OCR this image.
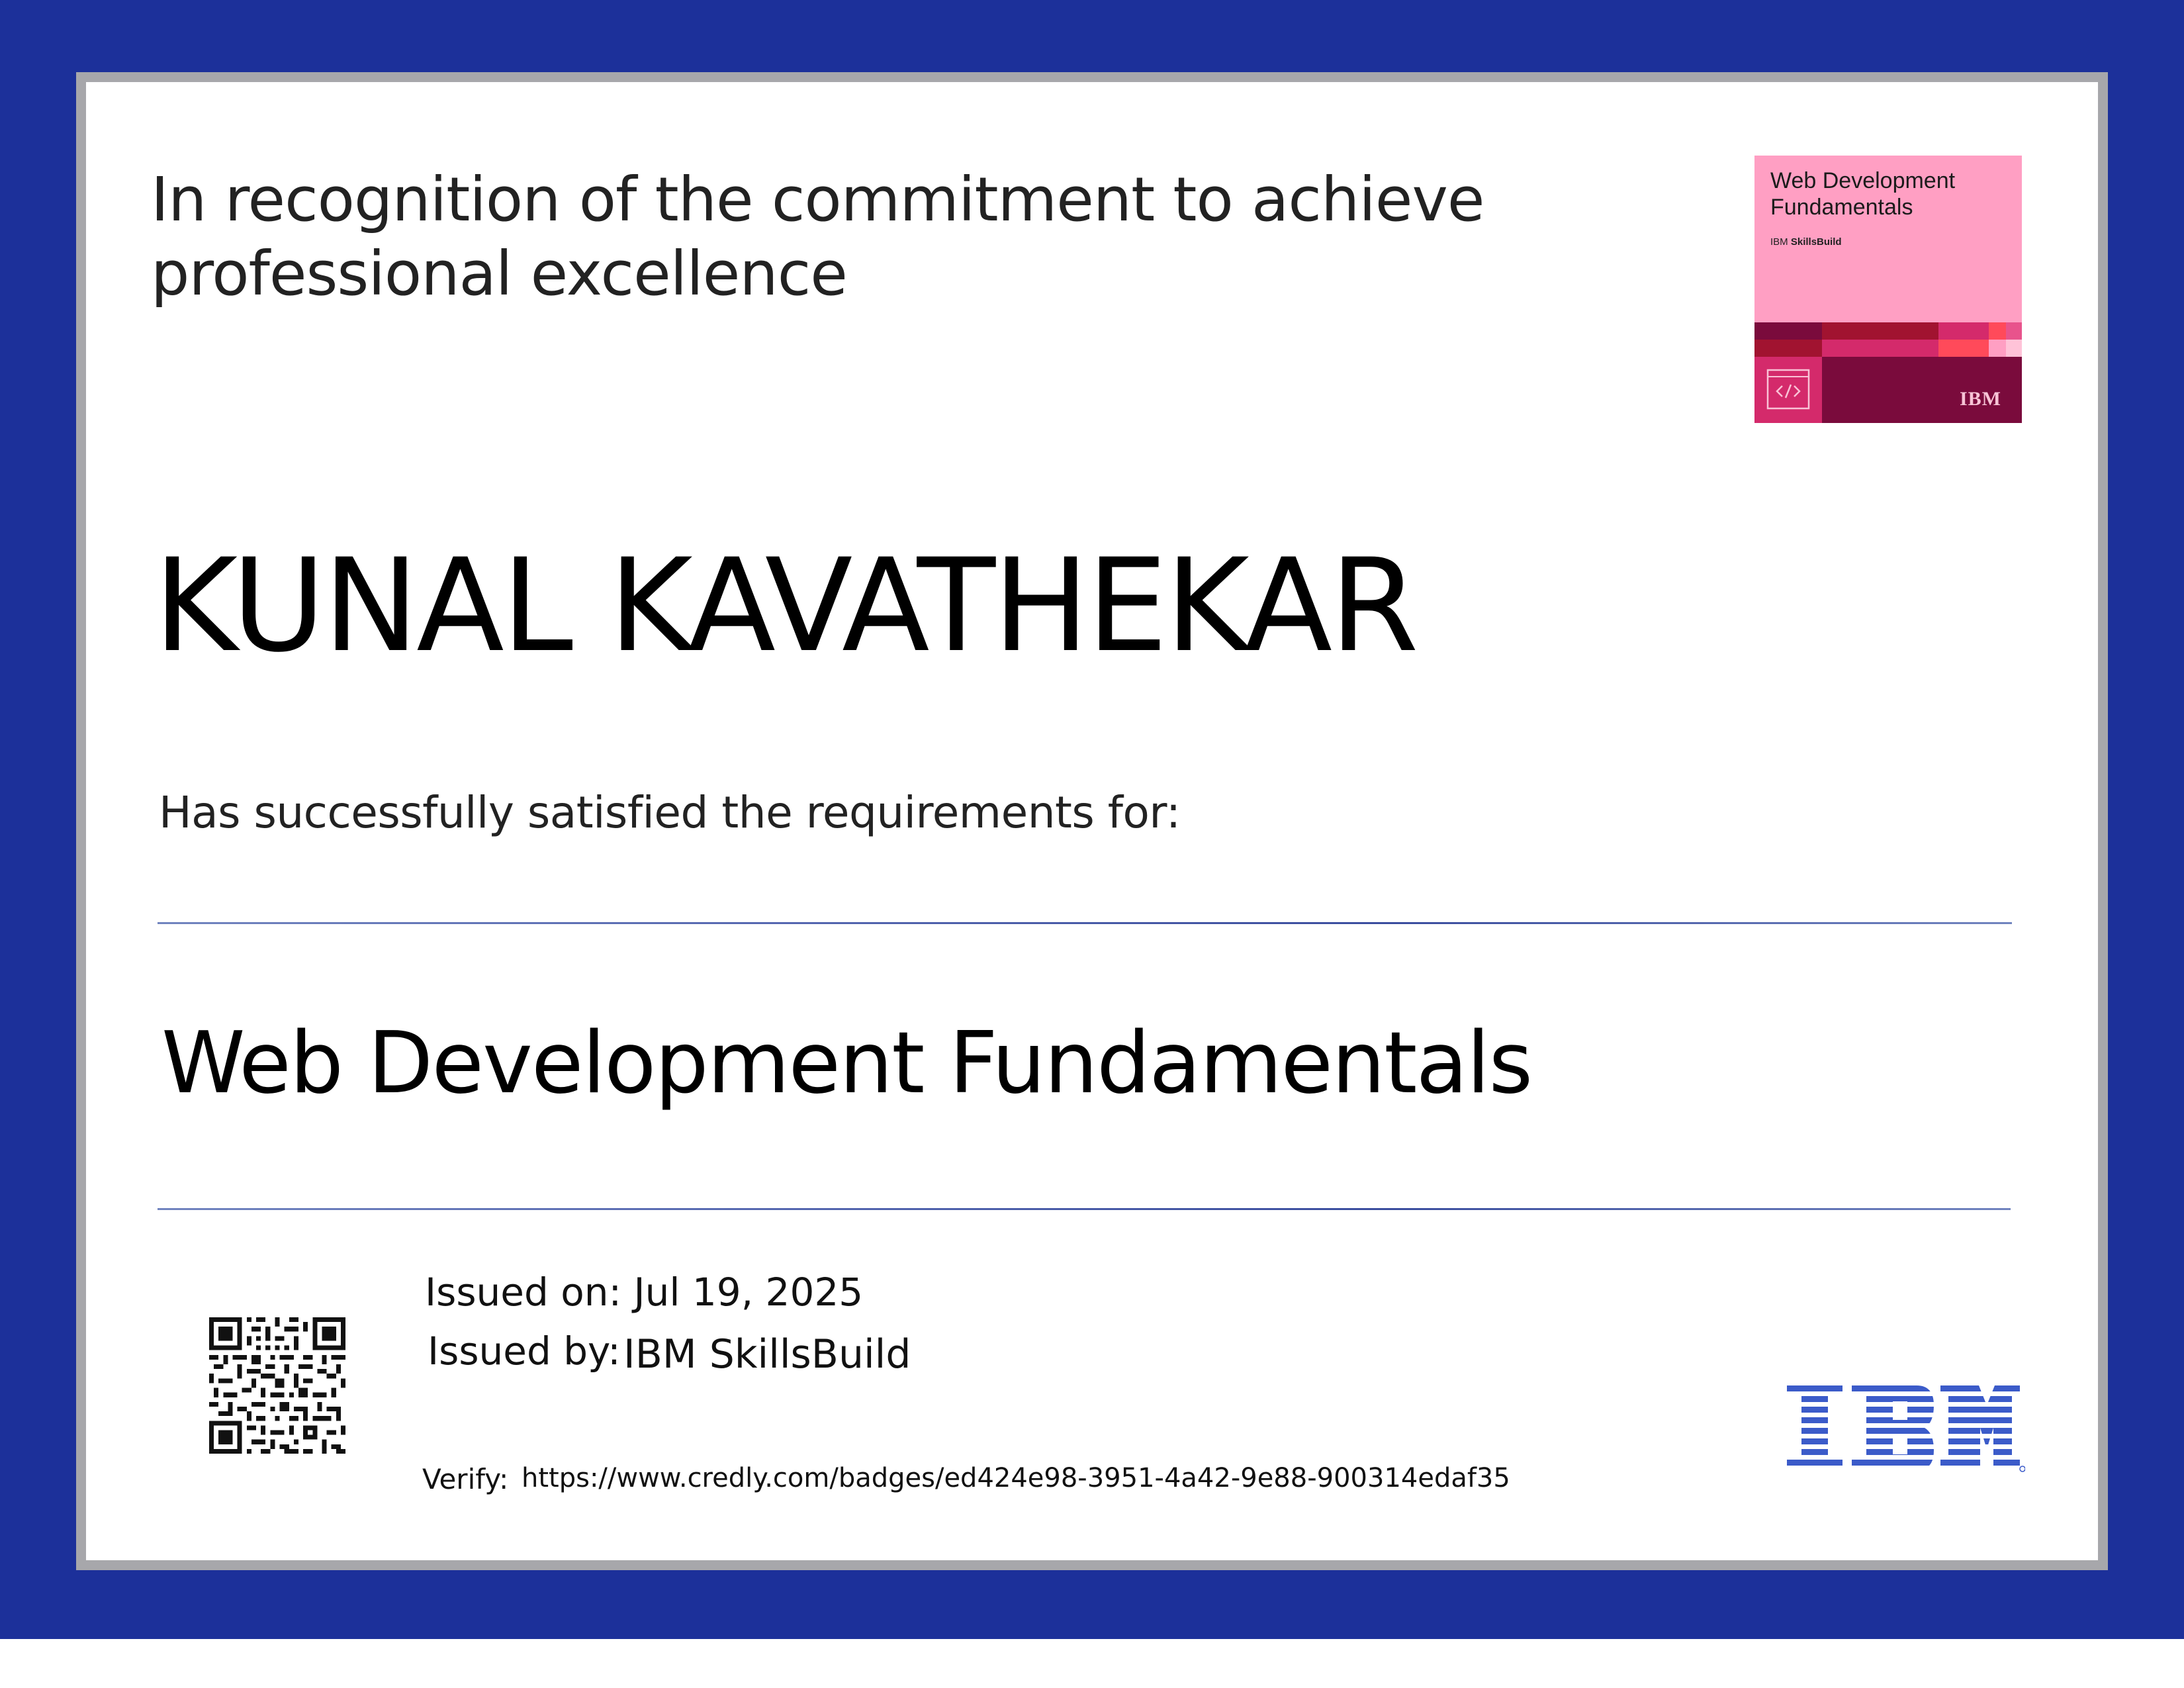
In recognition of the commitment to achieve
professional excellence
Web Development
Fundamentals
IBM SkillsBuild
IBM
KUNAL KAVATHEKAR
Has successfully satisfied the requirements for:
Web Development Fundamentals
Issued on: Jul 19, 2025
Issued by: IBM SkillsBuild
Verify: https://www.credly.com/badges/ed424e98-3951-4a42-9e88-900314edaf35
